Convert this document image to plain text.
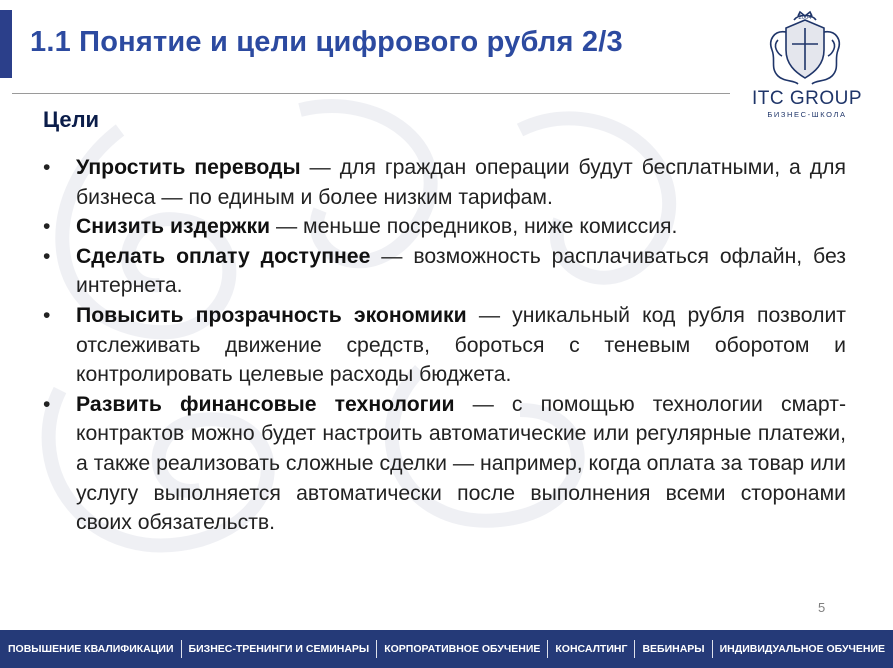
1.1 Понятие и цели цифрового рубля 2/3
2004
ITC GROUP
БИЗНЕС-ШКОЛА
Цели
•	Упростить переводы — для граждан операции будут бесплатными, а для бизнеса — по единым и более низким тарифам.
•	Снизить издержки — меньше посредников, ниже комиссия.
•	Сделать оплату доступнее — возможность расплачиваться офлайн, без интернета.
•	Повысить прозрачность экономики — уникальный код рубля позволит отслеживать движение средств, бороться с теневым оборотом и контролировать целевые расходы бюджета.
•	Развить финансовые технологии — с помощью технологии смарт-контрактов можно будет настроить автоматические или регулярные платежи, а также реализовать сложные сделки — например, когда оплата за товар или услугу выполняется автоматически после выполнения всеми сторонами своих обязательств.
5
ПОВЫШЕНИЕ КВАЛИФИКАЦИИ	БИЗНЕС-ТРЕНИНГИ И СЕМИНАРЫ	КОРПОРАТИВНОЕ ОБУЧЕНИЕ	КОНСАЛТИНГ	ВЕБИНАРЫ	ИНДИВИДУАЛЬНОЕ ОБУЧЕНИЕ
